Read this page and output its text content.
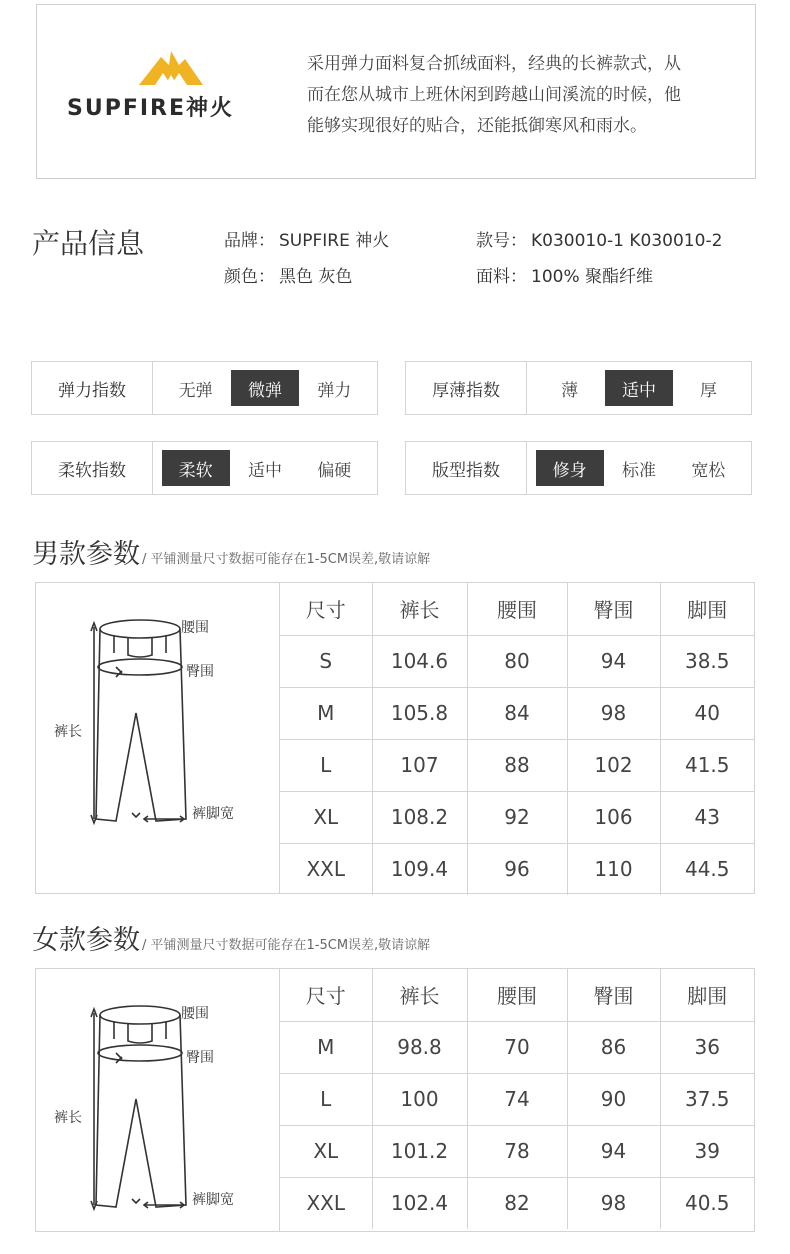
SUPFIRE神火
采用弹力面料复合抓绒面料，经典的长裤款式，从
而在您从城市上班休闲到跨越山间溪流的时候，他
能够实现很好的贴合，还能抵御寒风和雨水。
产品信息	品牌： SUPFIRE 神火	款号： K030010-1 K030010-2
颜色： 黑色 灰色	面料： 100% 聚酯纤维
弹力指数	无弹	微弹	弹力	厚薄指数	薄	适中	厚
柔软指数	柔软	适中	偏硬	版型指数	修身	标准	宽松
男款参数 / 平铺测量尺寸数据可能存在1-5CM误差,敬请谅解
腰围
臀围
裤长
裤脚宽
尺寸	裤长	腰围	臀围	脚围
S	104.6	80	94	38.5
M	105.8	84	98	40
L	107	88	102	41.5
XL	108.2	92	106	43
XXL	109.4	96	110	44.5
女款参数 / 平铺测量尺寸数据可能存在1-5CM误差,敬请谅解
腰围
臀围
裤长
裤脚宽
尺寸	裤长	腰围	臀围	脚围
M	98.8	70	86	36
L	100	74	90	37.5
XL	101.2	78	94	39
XXL	102.4	82	98	40.5
